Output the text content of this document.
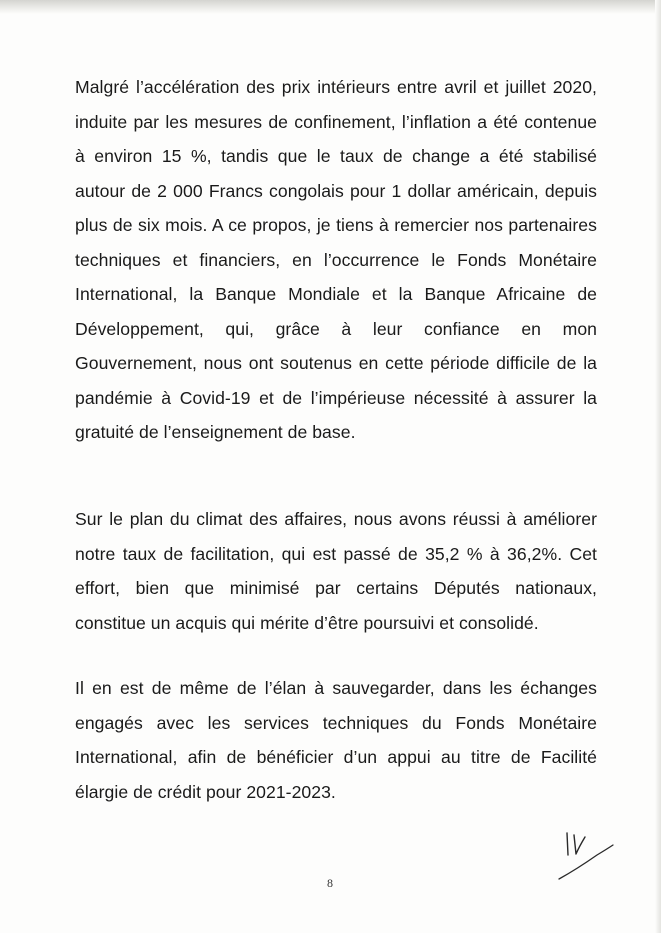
Malgré l’accélération des prix intérieurs entre avril et juillet 2020, induite par les mesures de confinement, l’inflation a été contenue à environ 15 %, tandis que le taux de change a été stabilisé autour de 2 000 Francs congolais pour 1 dollar américain, depuis plus de six mois. A ce propos, je tiens à remercier nos partenaires techniques et financiers, en l’occurrence le Fonds Monétaire International, la Banque Mondiale et la Banque Africaine de Développement, qui, grâce à leur confiance en mon Gouvernement, nous ont soutenus en cette période difficile de la pandémie à Covid-19 et de l’impérieuse nécessité à assurer la gratuité de l’enseignement de base.

Sur le plan du climat des affaires, nous avons réussi à améliorer notre taux de facilitation, qui est passé de 35,2 % à 36,2%. Cet effort, bien que minimisé par certains Députés nationaux, constitue un acquis qui mérite d’être poursuivi et consolidé.

Il en est de même de l’élan à sauvegarder, dans les échanges engagés avec les services techniques du Fonds Monétaire International, afin de bénéficier d’un appui au titre de Facilité élargie de crédit pour 2021-2023.

8
